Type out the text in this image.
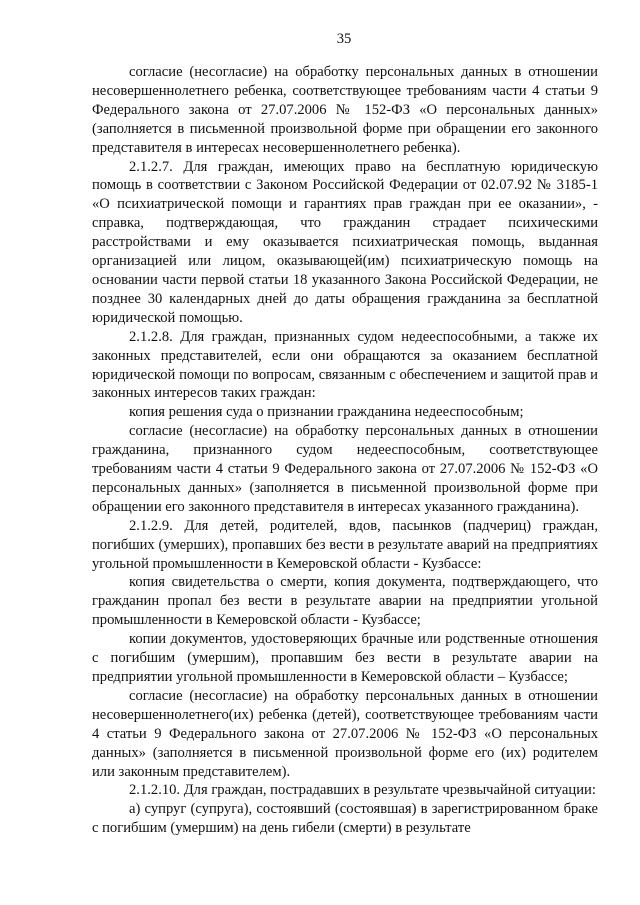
35

согласие (несогласие) на обработку персональных данных в отношении несовершеннолетнего ребенка, соответствующее требованиям части 4 статьи 9 Федерального закона от 27.07.2006 № 152-ФЗ «О персональных данных» (заполняется в письменной произвольной форме при обращении его законного представителя в интересах несовершеннолетнего ребенка).

2.1.2.7. Для граждан, имеющих право на бесплатную юридическую помощь в соответствии с Законом Российской Федерации от 02.07.92 № 3185-1 «О психиатрической помощи и гарантиях прав граждан при ее оказании», - справка, подтверждающая, что гражданин страдает психическими расстройствами и ему оказывается психиатрическая помощь, выданная организацией или лицом, оказывающей(им) психиатрическую помощь на основании части первой статьи 18 указанного Закона Российской Федерации, не позднее 30 календарных дней до даты обращения гражданина за бесплатной юридической помощью.

2.1.2.8. Для граждан, признанных судом недееспособными, а также их законных представителей, если они обращаются за оказанием бесплатной юридической помощи по вопросам, связанным с обеспечением и защитой прав и законных интересов таких граждан:

копия решения суда о признании гражданина недееспособным;

согласие (несогласие) на обработку персональных данных в отношении гражданина, признанного судом недееспособным, соответствующее требованиям части 4 статьи 9 Федерального закона от 27.07.2006 № 152-ФЗ «О персональных данных» (заполняется в письменной произвольной форме при обращении его законного представителя в интересах указанного гражданина).

2.1.2.9. Для детей, родителей, вдов, пасынков (падчериц) граждан, погибших (умерших), пропавших без вести в результате аварий на предприятиях угольной промышленности в Кемеровской области - Кузбассе:

копия свидетельства о смерти, копия документа, подтверждающего, что гражданин пропал без вести в результате аварии на предприятии угольной промышленности в Кемеровской области - Кузбассе;

копии документов, удостоверяющих брачные или родственные отношения с погибшим (умершим), пропавшим без вести в результате аварии на предприятии угольной промышленности в Кемеровской области – Кузбассе;

согласие (несогласие) на обработку персональных данных в отношении несовершеннолетнего(их) ребенка (детей), соответствующее требованиям части 4 статьи 9 Федерального закона от 27.07.2006 № 152-ФЗ «О персональных данных» (заполняется в письменной произвольной форме его (их) родителем или законным представителем).

2.1.2.10. Для граждан, пострадавших в результате чрезвычайной ситуации:

а) супруг (супруга), состоявший (состоявшая) в зарегистрированном браке с погибшим (умершим) на день гибели (смерти) в результате
